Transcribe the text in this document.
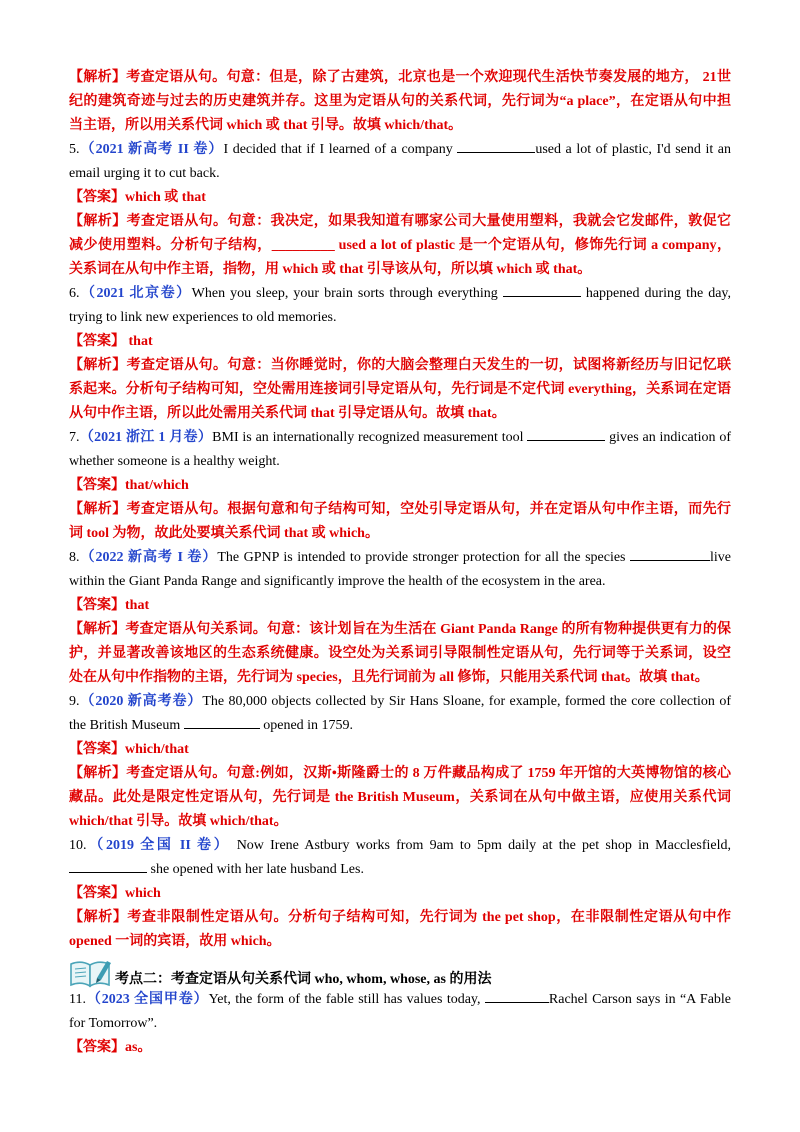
【解析】考查定语从句。句意：但是，除了古建筑，北京也是一个欢迎现代生活快节奏发展的地方， 21世
纪的建筑奇迹与过去的历史建筑并存。这里为定语从句的关系代词，先行词为“a place”，在定语从句中担
当主语，所以用关系代词 which 或 that 引导。故填 which/that。
5.（2021 新高考 II 卷）I decided that if I learned of a company	used a lot of plastic, I'd send it an
email urging it to cut back.
【答案】which 或 that
【解析】考查定语从句。句意：我决定，如果我知道有哪家公司大量使用塑料，我就会它发邮件，敦促它
减少使用塑料。分析句子结构，_________ used a lot of plastic 是一个定语从句，修饰先行词 a company，
关系词在从句中作主语，指物，用 which 或 that 引导该从句，所以填 which 或 that。
6.（2021 北京卷）When you sleep, your brain sorts through everything	happened during the day,
trying to link new experiences to old memories.
【答案】 that
【解析】考查定语从句。句意：当你睡觉时，你的大脑会整理白天发生的一切，试图将新经历与旧记忆联
系起来。分析句子结构可知，空处需用连接词引导定语从句，先行词是不定代词 everything，关系词在定语
从句中作主语，所以此处需用关系代词 that 引导定语从句。故填 that。
7.（2021 浙江 1 月卷）BMI is an internationally recognized measurement tool	gives an indication of
whether someone is a healthy weight.
【答案】that/which
【解析】考查定语从句。根据句意和句子结构可知，空处引导定语从句，并在定语从句中作主语，而先行
词 tool 为物，故此处要填关系代词 that 或 which。
8.（2022 新高考 I 卷）The GPNP is intended to provide stronger protection for all the species	live
within the Giant Panda Range and significantly improve the health of the ecosystem in the area.
【答案】that
【解析】考查定语从句关系词。句意：该计划旨在为生活在 Giant Panda Range 的所有物种提供更有力的保
护，并显著改善该地区的生态系统健康。设空处为关系词引导限制性定语从句，先行词等于关系词，设空
处在从句中作指物的主语，先行词为 species，且先行词前为 all 修饰，只能用关系代词 that。故填 that。
9.（2020 新高考卷）The 80,000 objects collected by Sir Hans Sloane, for example, formed the core collection of
the British Museum	opened in 1759.
【答案】which/that
【解析】考查定语从句。句意:例如，汉斯•斯隆爵士的 8 万件藏品构成了 1759 年开馆的大英博物馆的核心
藏品。此处是限定性定语从句，先行词是 the British Museum，关系词在从句中做主语，应使用关系代词
which/that 引导。故填 which/that。
10.（2019 全国 II 卷） Now Irene Astbury works from 9am to 5pm daily at the pet shop in Macclesfield,
she opened with her late husband Les.
【答案】which
【解析】考查非限制性定语从句。分析句子结构可知，先行词为 the pet shop，在非限制性定语从句中作
opened 一词的宾语，故用 which。
考点二：考查定语从句关系代词 who, whom, whose, as 的用法
11.（2023 全国甲卷）Yet, the form of the fable still has values today,	Rachel Carson says in “A Fable
for Tomorrow”.
【答案】as。
